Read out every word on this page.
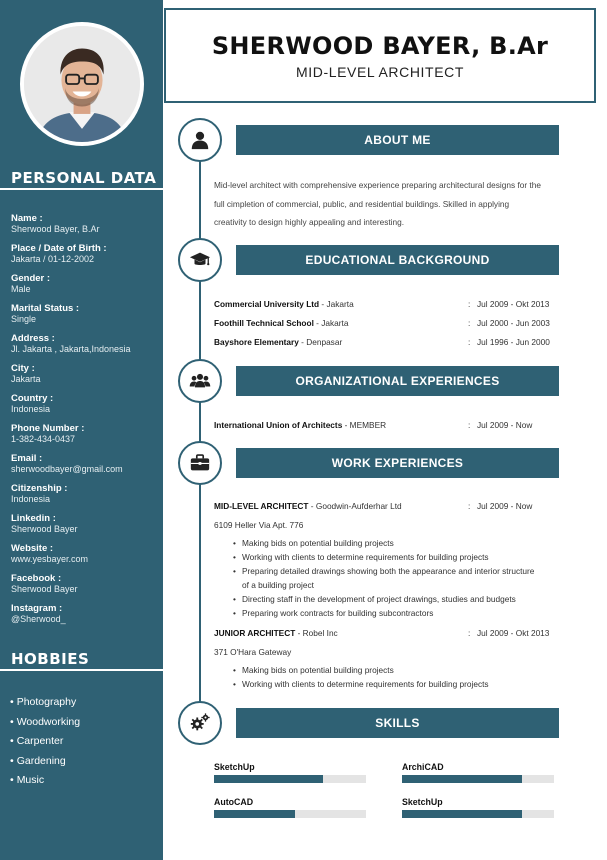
PERSONAL DATA
Name :
Sherwood Bayer, B.Ar
Place / Date of Birth :
Jakarta / 01-12-2002
Gender :
Male
Marital Status :
Single
Address :
Jl. Jakarta , Jakarta,Indonesia
City :
Jakarta
Country :
Indonesia
Phone Number :
1-382-434-0437
Email :
sherwoodbayer@gmail.com
Citizenship :
Indonesia
Linkedin :
Sherwood Bayer
Website :
www.yesbayer.com
Facebook :
Sherwood Bayer
Instagram :
@Sherwood_
HOBBIES
• Photography
• Woodworking
• Carpenter
• Gardening
• Music
SHERWOOD BAYER, B.Ar
MID-LEVEL ARCHITECT
ABOUT ME
Mid-level architect with comprehensive experience preparing architectural designs for the full cimpletion of commercial, public, and residential buildings. Skilled in applying creativity to design highly appealing and interesting.
EDUCATIONAL BACKGROUND
Commercial University Ltd - Jakarta	: Jul 2009 - Okt 2013
Foothill Technical School - Jakarta	: Jul 2000 - Jun 2003
Bayshore Elementary - Denpasar	: Jul 1996 - Jun 2000
ORGANIZATIONAL EXPERIENCES
International Union of Architects - MEMBER	: Jul 2009 - Now
WORK EXPERIENCES
MID-LEVEL ARCHITECT - Goodwin-Aufderhar Ltd	: Jul 2009 - Now
6109 Heller Via Apt. 776
• Making bids on potential building projects
• Working with clients to determine requirements for building projects
• Preparing detailed drawings showing both the appearance and interior structure of a building project
• Directing staff in the development of project drawings, studies and budgets
• Preparing work contracts for building subcontractors
JUNIOR ARCHITECT - Robel Inc	: Jul 2009 - Okt 2013
371 O'Hara Gateway
• Making bids on potential building projects
• Working with clients to determine requirements for building projects
SKILLS
SketchUp	ArchiCAD
AutoCAD	SketchUp
